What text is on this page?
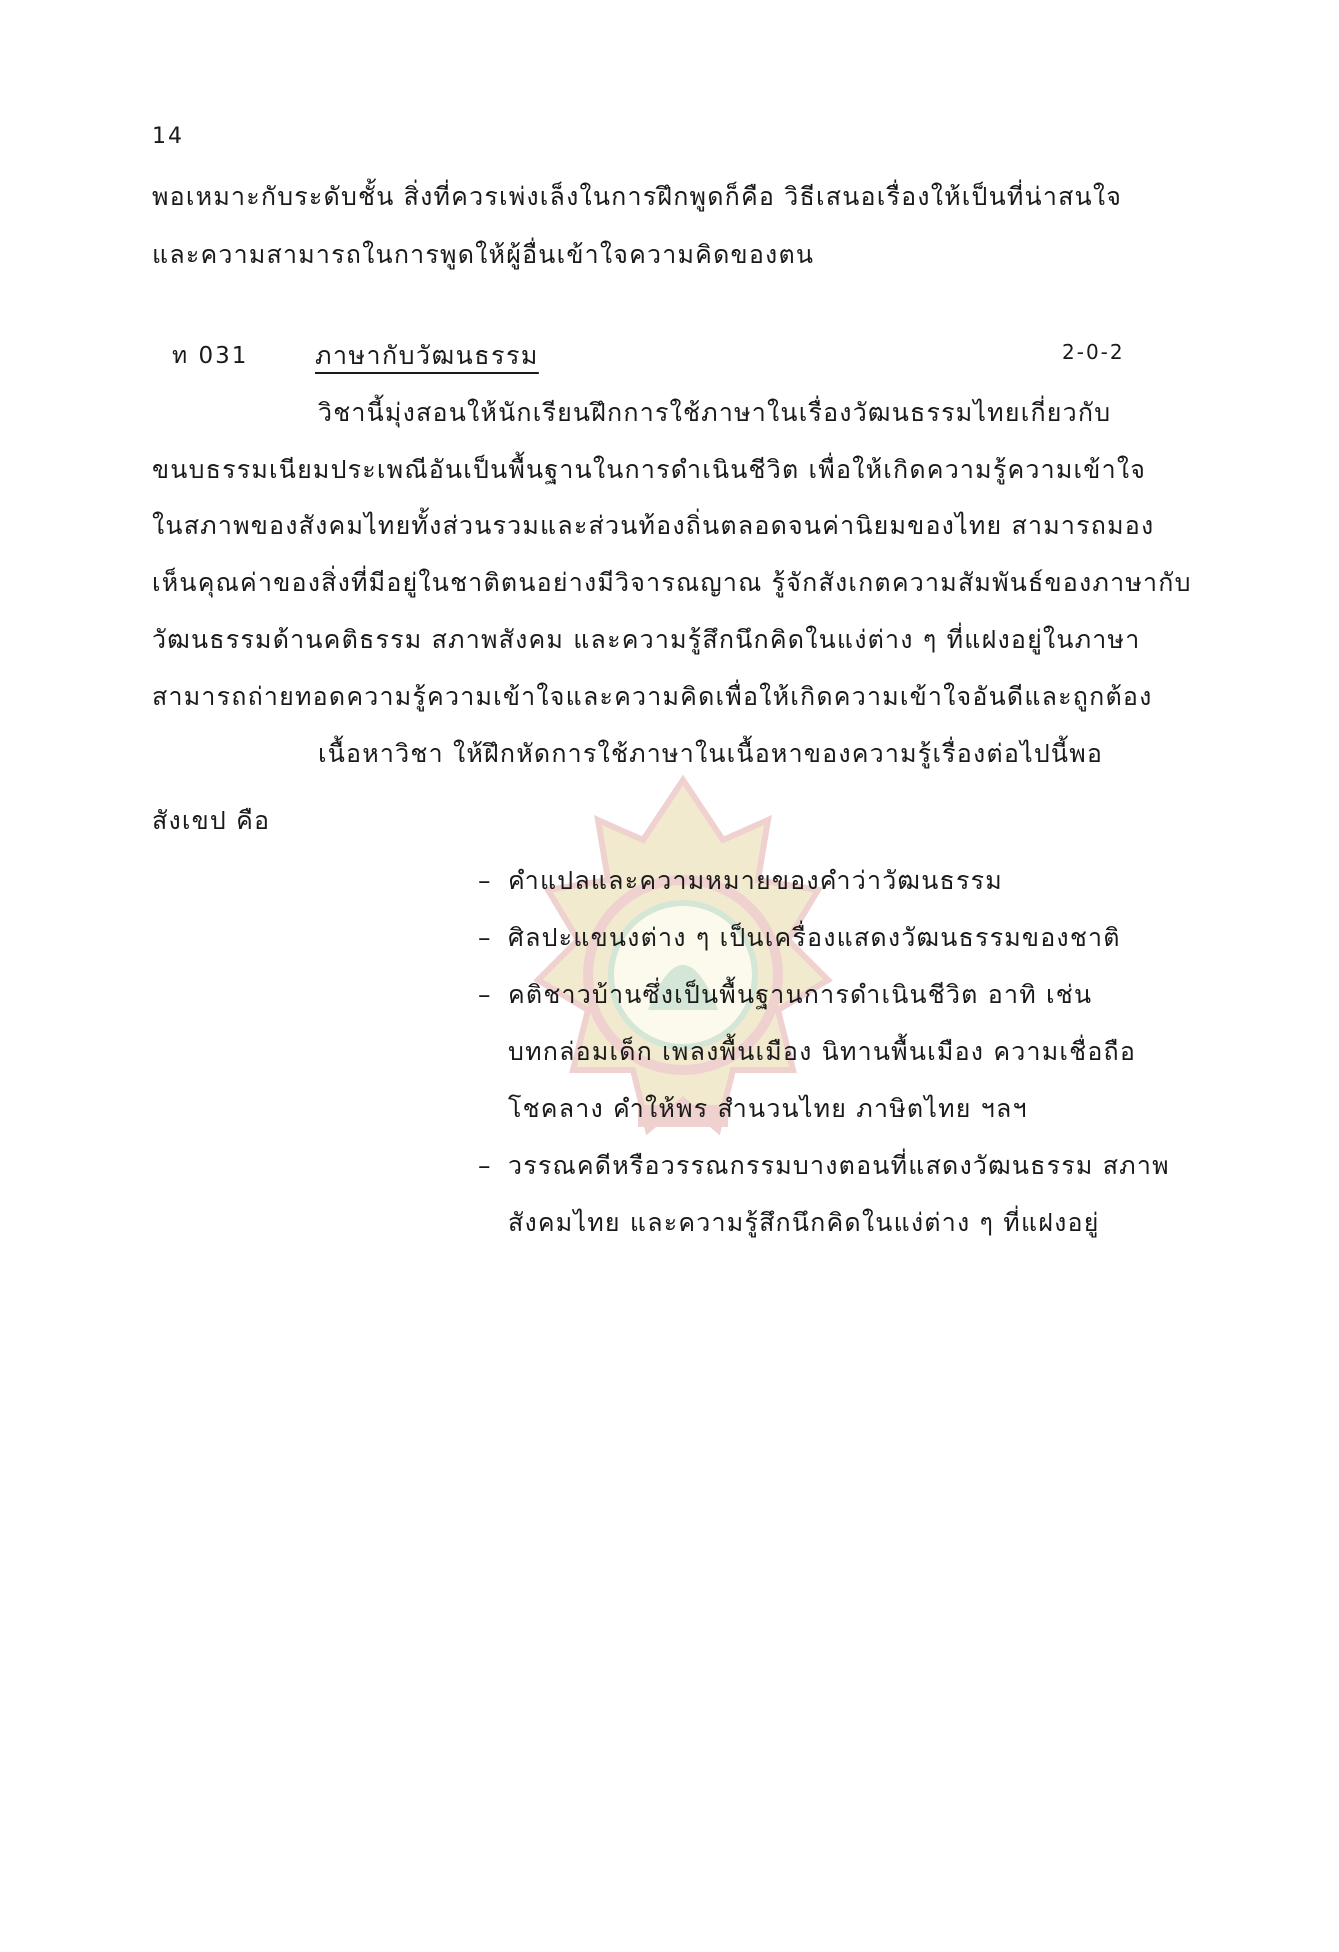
14
พอเหมาะกับระดับชั้น สิ่งที่ควรเพ่งเล็งในการฝึกพูดก็คือ วิธีเสนอเรื่องให้เป็นที่น่าสนใจ
และความสามารถในการพูดให้ผู้อื่นเข้าใจความคิดของตน
ท 031	ภาษากับวัฒนธรรม	2-0-2
วิชานี้มุ่งสอนให้นักเรียนฝึกการใช้ภาษาในเรื่องวัฒนธรรมไทยเกี่ยวกับ
ขนบธรรมเนียมประเพณีอันเป็นพื้นฐานในการดำเนินชีวิต เพื่อให้เกิดความรู้ความเข้าใจ
ในสภาพของสังคมไทยทั้งส่วนรวมและส่วนท้องถิ่นตลอดจนค่านิยมของไทย สามารถมอง
เห็นคุณค่าของสิ่งที่มีอยู่ในชาติตนอย่างมีวิจารณญาณ รู้จักสังเกตความสัมพันธ์ของภาษากับ
วัฒนธรรมด้านคติธรรม สภาพสังคม และความรู้สึกนึกคิดในแง่ต่าง ๆ ที่แฝงอยู่ในภาษา
สามารถถ่ายทอดความรู้ความเข้าใจและความคิดเพื่อให้เกิดความเข้าใจอันดีและถูกต้อง
เนื้อหาวิชา ให้ฝึกหัดการใช้ภาษาในเนื้อหาของความรู้เรื่องต่อไปนี้พอ
สังเขป คือ
– คำแปลและความหมายของคำว่าวัฒนธรรม
– ศิลปะแขนงต่าง ๆ เป็นเครื่องแสดงวัฒนธรรมของชาติ
– คติชาวบ้านซึ่งเป็นพื้นฐานการดำเนินชีวิต อาทิ เช่น
บทกล่อมเด็ก เพลงพื้นเมือง นิทานพื้นเมือง ความเชื่อถือ
โชคลาง คำให้พร สำนวนไทย ภาษิตไทย ฯลฯ
– วรรณคดีหรือวรรณกรรมบางตอนที่แสดงวัฒนธรรม สภาพ
สังคมไทย และความรู้สึกนึกคิดในแง่ต่าง ๆ ที่แฝงอยู่
